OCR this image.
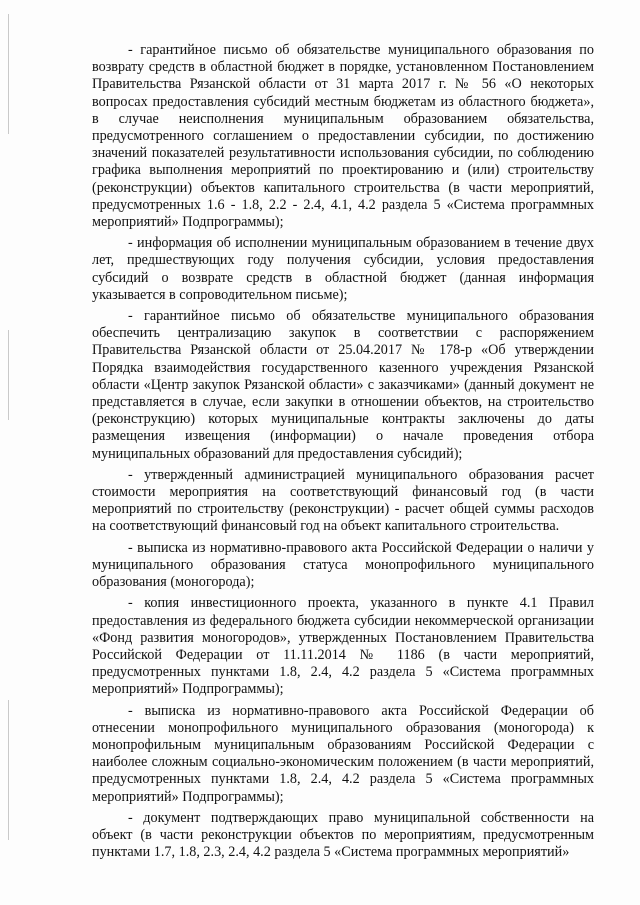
- гарантийное письмо об обязательстве муниципального образования по возврату средств в областной бюджет в порядке, установленном Постановлением Правительства Рязанской области от 31 марта 2017 г. № 56 «О некоторых вопросах предоставления субсидий местным бюджетам из областного бюджета», в случае неисполнения муниципальным образованием обязательства, предусмотренного соглашением о предоставлении субсидии, по достижению значений показателей результативности использования субсидии, по соблюдению графика выполнения мероприятий по проектированию и (или) строительству (реконструкции) объектов капитального строительства (в части мероприятий, предусмотренных 1.6 - 1.8, 2.2 - 2.4, 4.1, 4.2 раздела 5 «Система программных мероприятий» Подпрограммы);

- информация об исполнении муниципальным образованием в течение двух лет, предшествующих году получения субсидии, условия предоставления субсидий о возврате средств в областной бюджет (данная информация указывается в сопроводительном письме);

- гарантийное письмо об обязательстве муниципального образования обеспечить централизацию закупок в соответствии с распоряжением Правительства Рязанской области от 25.04.2017 № 178-р «Об утверждении Порядка взаимодействия государственного казенного учреждения Рязанской области «Центр закупок Рязанской области» с заказчиками» (данный документ не представляется в случае, если закупки в отношении объектов, на строительство (реконструкцию) которых муниципальные контракты заключены до даты размещения извещения (информации) о начале проведения отбора муниципальных образований для предоставления субсидий);

- утвержденный администрацией муниципального образования расчет стоимости мероприятия на соответствующий финансовый год (в части мероприятий по строительству (реконструкции) - расчет общей суммы расходов на соответствующий финансовый год на объект капитального строительства.

- выписка из нормативно-правового акта Российской Федерации о наличи у муниципального образования статуса монопрофильного муниципального образования (моногорода);

- копия инвестиционного проекта, указанного в пункте 4.1 Правил предоставления из федерального бюджета субсидии некоммерческой организации «Фонд развития моногородов», утвержденных Постановлением Правительства Российской Федерации от 11.11.2014 № 1186 (в части мероприятий, предусмотренных пунктами 1.8, 2.4, 4.2 раздела 5 «Система программных мероприятий» Подпрограммы);

- выписка из нормативно-правового акта Российской Федерации об отнесении монопрофильного муниципального образования (моногорода) к монопрофильным муниципальным образованиям Российской Федерации с наиболее сложным социально-экономическим положением (в части мероприятий, предусмотренных пунктами 1.8, 2.4, 4.2 раздела 5 «Система программных мероприятий» Подпрограммы);

- документ подтверждающих право муниципальной собственности на объект (в части реконструкции объектов по мероприятиям, предусмотренным пунктами 1.7, 1.8, 2.3, 2.4, 4.2 раздела 5 «Система программных мероприятий»
